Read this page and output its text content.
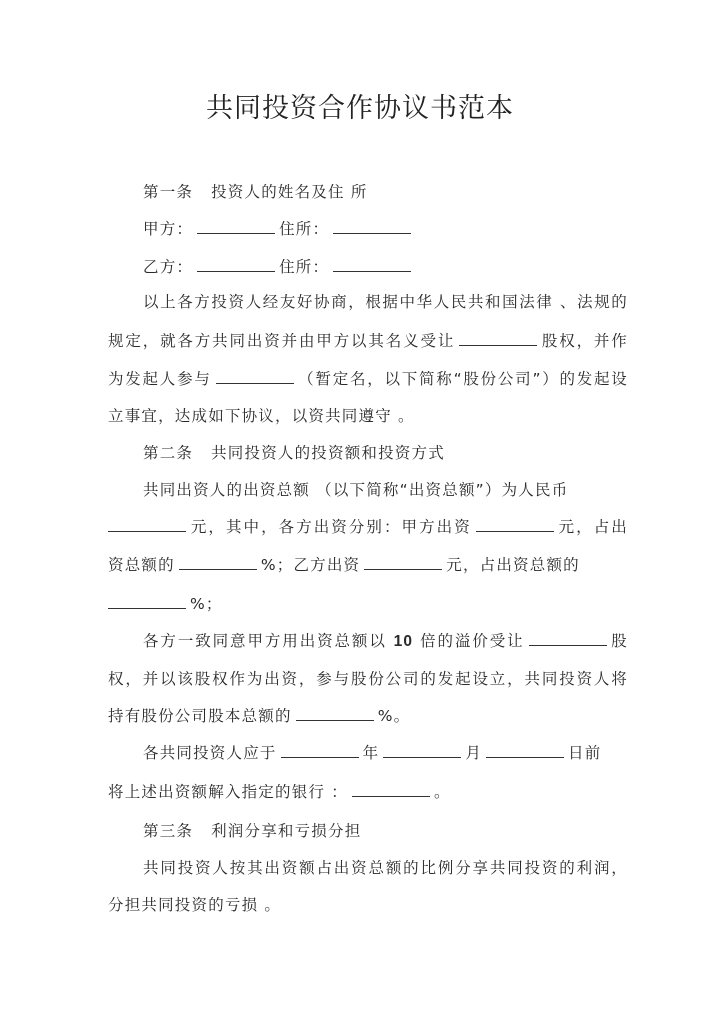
共同投资合作协议书范本
第一条 投资人的姓名及住 所
甲方：	住所：
乙方：	住所：
以上各方投资人经友好协商，根据中华人民共和国法律 、法规的
规定，就各方共同出资并由甲方以其名义受让	股权，并作
为发起人参与	（暂定名，以下简称“股份公司”）的发起设
立事宜，达成如下协议，以资共同遵守 。
第二条 共同投资人的投资额和投资方式
共同出资人的出资总额 （以下简称“出资总额”）为人民币
元，其中，各方出资分别：甲方出资	元，占出
资总额的	%；乙方出资	元，占出资总额的
%；
各方一致同意甲方用出资总额以 10 倍的溢价受让	股
权，并以该股权作为出资，参与股份公司的发起设立，共同投资人将
持有股份公司股本总额的	%。
各共同投资人应于	年	月	日前
将上述出资额解入指定的银行 ：	。
第三条 利润分享和亏损分担
共同投资人按其出资额占出资总额的比例分享共同投资的利润，
分担共同投资的亏损 。
